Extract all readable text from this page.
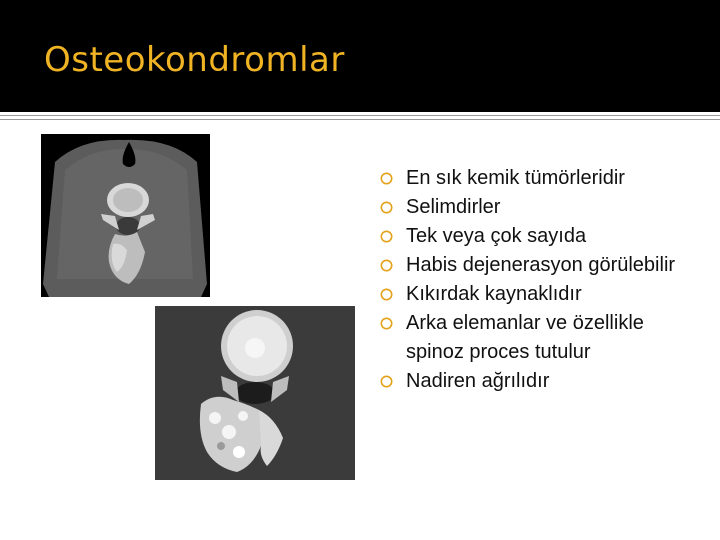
Osteokondromlar
En sık kemik tümörleridir
Selimdirler
Tek veya çok sayıda
Habis dejenerasyon görülebilir
Kıkırdak kaynaklıdır
Arka elemanlar ve özellikle spinoz proces tutulur
Nadiren ağrılıdır
